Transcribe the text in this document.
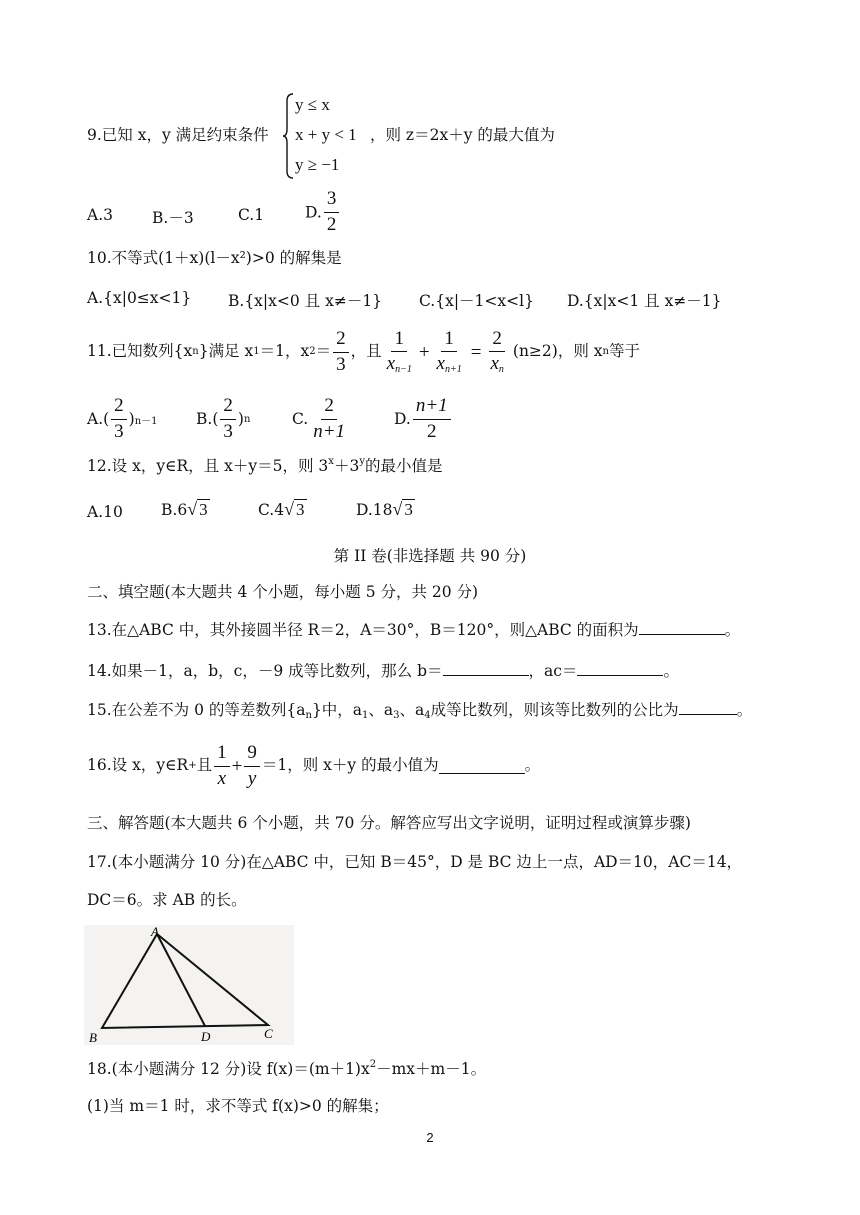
9.已知 x，y 满足约束条件
y ≤ x
x + y < 1
y ≥ −1
，则 z＝2x＋y 的最大值为
A.3	B.－3	C.1	D. $\frac{3}{2}$
10.不等式(1＋x)(l－x²)>0 的解集是
A.{x|0≤x<1} B.{x|x<0 且 x≠－1} C.{x|－1<x<l} D.{x|x<1 且 x≠－1}
11.已知数列{x n }满足 x 1 ＝1，x $2 = \frac{2}{3}$ ，且 $\frac{1}{x_{n-1}} + \frac{1}{x_{n+1}} = \frac{2}{x_n} (n\ge 2)$，则 x n 等于
$A.( \frac{2}{3}$ ) n－1 $B.( \frac{2}{3}$ ) n	C. $\frac{2}{n+1}$	D. $\frac{n+1}{2}$
12.设 x，y∈R，且 x＋y＝5，则 $3^x+3^y$的最小值是
A.10 B.6√ 3	C.4√ 3	D.18√ 3
第 II 卷(非选择题 共 90 分)
二、填空题(本大题共 4 个小题，每小题 5 分，共 20 分)
13.在△ABC 中，其外接圆半径 R＝2，A＝30°，B＝120°，则△ABC 的面积为	。
14.如果－1，a，b，c，－9 成等比数列，那么 b＝	，ac＝	。
15.在公差不为 0 的等差数列$\{a_n\}$中，$a_1$、$a_3$、$a_4$成等比数列，则该等比数列的公比为	。
16.设 x，y∈R + 且 $\frac{1}{x} + \frac{9}{y} =1$，则 x＋y 的最小值为	。
三、解答题(本大题共 6 个小题，共 70 分。解答应写出文字说明，证明过程或演算步骤)
17.(本小题满分 10 分)在△ABC 中，已知 B＝45°，D 是 BC 边上一点，AD＝10，AC＝14，
DC＝6。求 AB 的长。
A
B	D	C
18.(本小题满分 12 分)设 $f(x)=(m+1)x^2-mx+m-1$。
(1)当 m＝1 时，求不等式 f(x)>0 的解集；
2
